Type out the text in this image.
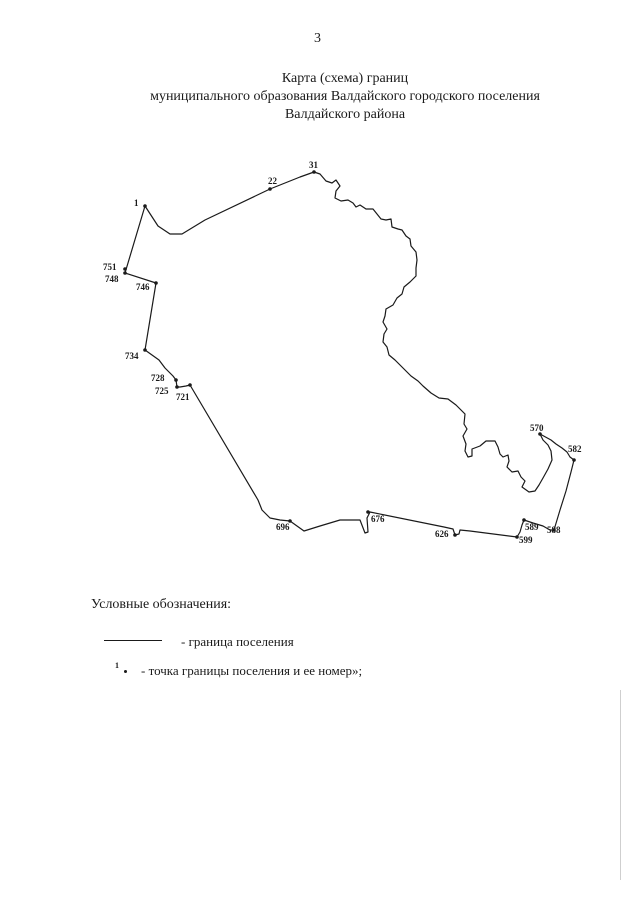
3
Карта (схема) границ
муниципального образования Валдайского городского поселения
Валдайского района
1
22
31
570
582
588
589
599
626
676
696
721
725
728
734
746
748
751
Условные обозначения:
- граница поселения
1 - точка границы поселения и ее номер»;
